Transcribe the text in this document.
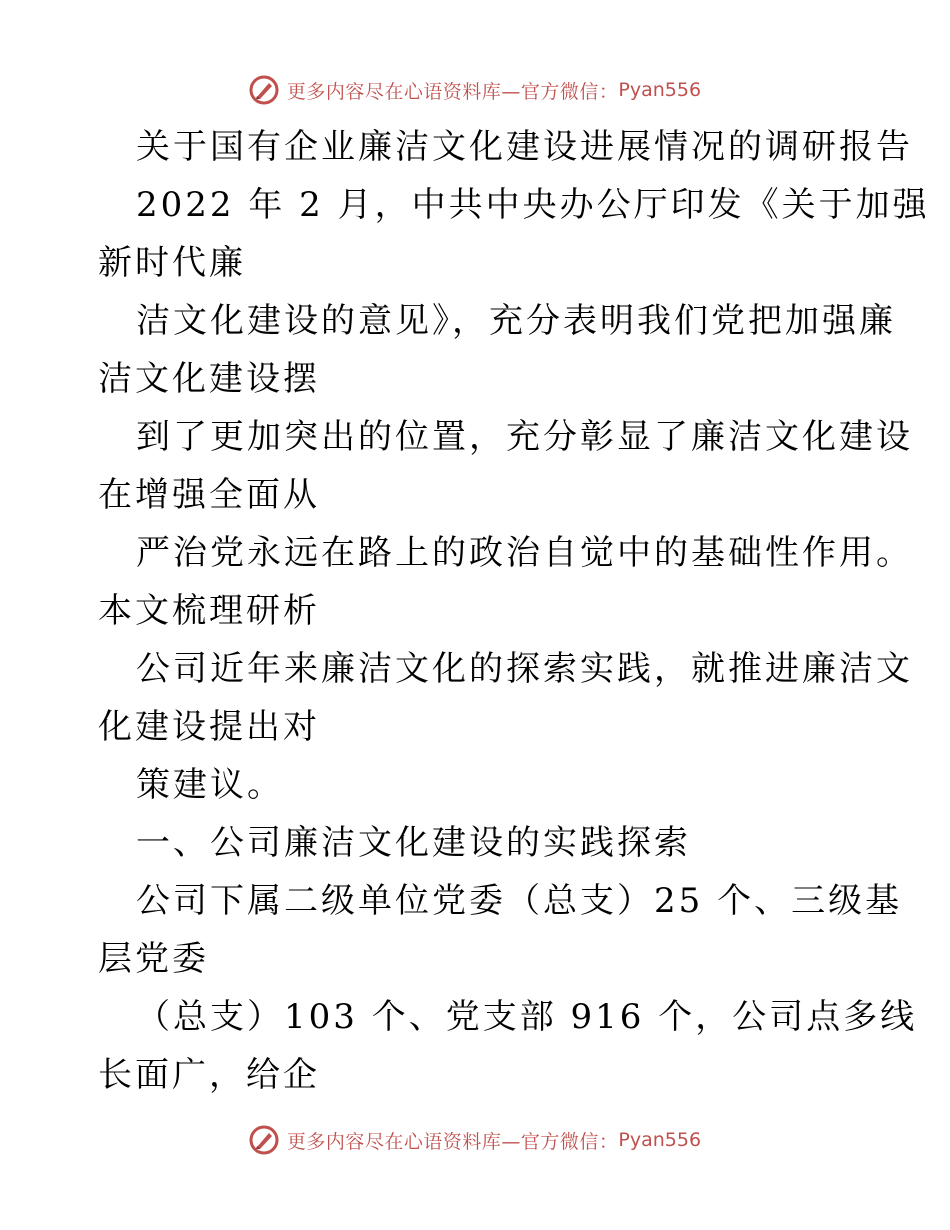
更多内容尽在心语资料库—官方微信： Pyan556

关于国有企业廉洁文化建设进展情况的调研报告

2022 年 2 月，中共中央办公厅印发《关于加强

新时代廉

洁文化建设的意见》，充分表明我们党把加强廉

洁文化建设摆

到了更加突出的位置，充分彰显了廉洁文化建设

在增强全面从

严治党永远在路上的政治自觉中的基础性作用。

本文梳理研析

公司近年来廉洁文化的探索实践，就推进廉洁文

化建设提出对

策建议。

一、公司廉洁文化建设的实践探索

公司下属二级单位党委（总支）25 个、三级基

层党委

（总支）103 个、党支部 916 个，公司点多线

长面广，给企

更多内容尽在心语资料库—官方微信： Pyan556
